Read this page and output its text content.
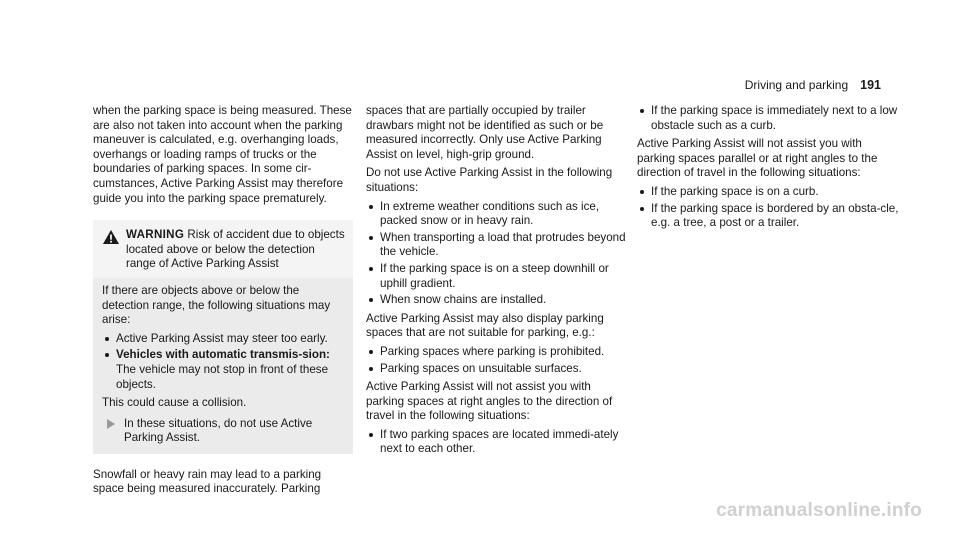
Driving and parking 191

when the parking space is being measured. These are also not taken into account when the parking maneuver is calculated, e.g. overhanging loads, overhangs or loading ramps of trucks or the boundaries of parking spaces. In some cir-cumstances, Active Parking Assist may therefore guide you into the parking space prematurely.

WARNING Risk of accident due to objects located above or below the detection range of Active Parking Assist

If there are objects above or below the detection range, the following situations may arise:

Active Parking Assist may steer too early.
Vehicles with automatic transmis-sion: The vehicle may not stop in front of these objects.

This could cause a collision.

In these situations, do not use Active Parking Assist.

Snowfall or heavy rain may lead to a parking space being measured inaccurately. Parking

spaces that are partially occupied by trailer drawbars might not be identified as such or be measured incorrectly. Only use Active Parking Assist on level, high-grip ground.

Do not use Active Parking Assist in the following situations:

In extreme weather conditions such as ice, packed snow or in heavy rain.
When transporting a load that protrudes beyond the vehicle.
If the parking space is on a steep downhill or uphill gradient.
When snow chains are installed.

Active Parking Assist may also display parking spaces that are not suitable for parking, e.g.:

Parking spaces where parking is prohibited.
Parking spaces on unsuitable surfaces.

Active Parking Assist will not assist you with parking spaces at right angles to the direction of travel in the following situations:

If two parking spaces are located immedi-ately next to each other.
If the parking space is immediately next to a low obstacle such as a curb.

Active Parking Assist will not assist you with parking spaces parallel or at right angles to the direction of travel in the following situations:

If the parking space is on a curb.
If the parking space is bordered by an obsta-cle, e.g. a tree, a post or a trailer.
carmanualsonline.info
